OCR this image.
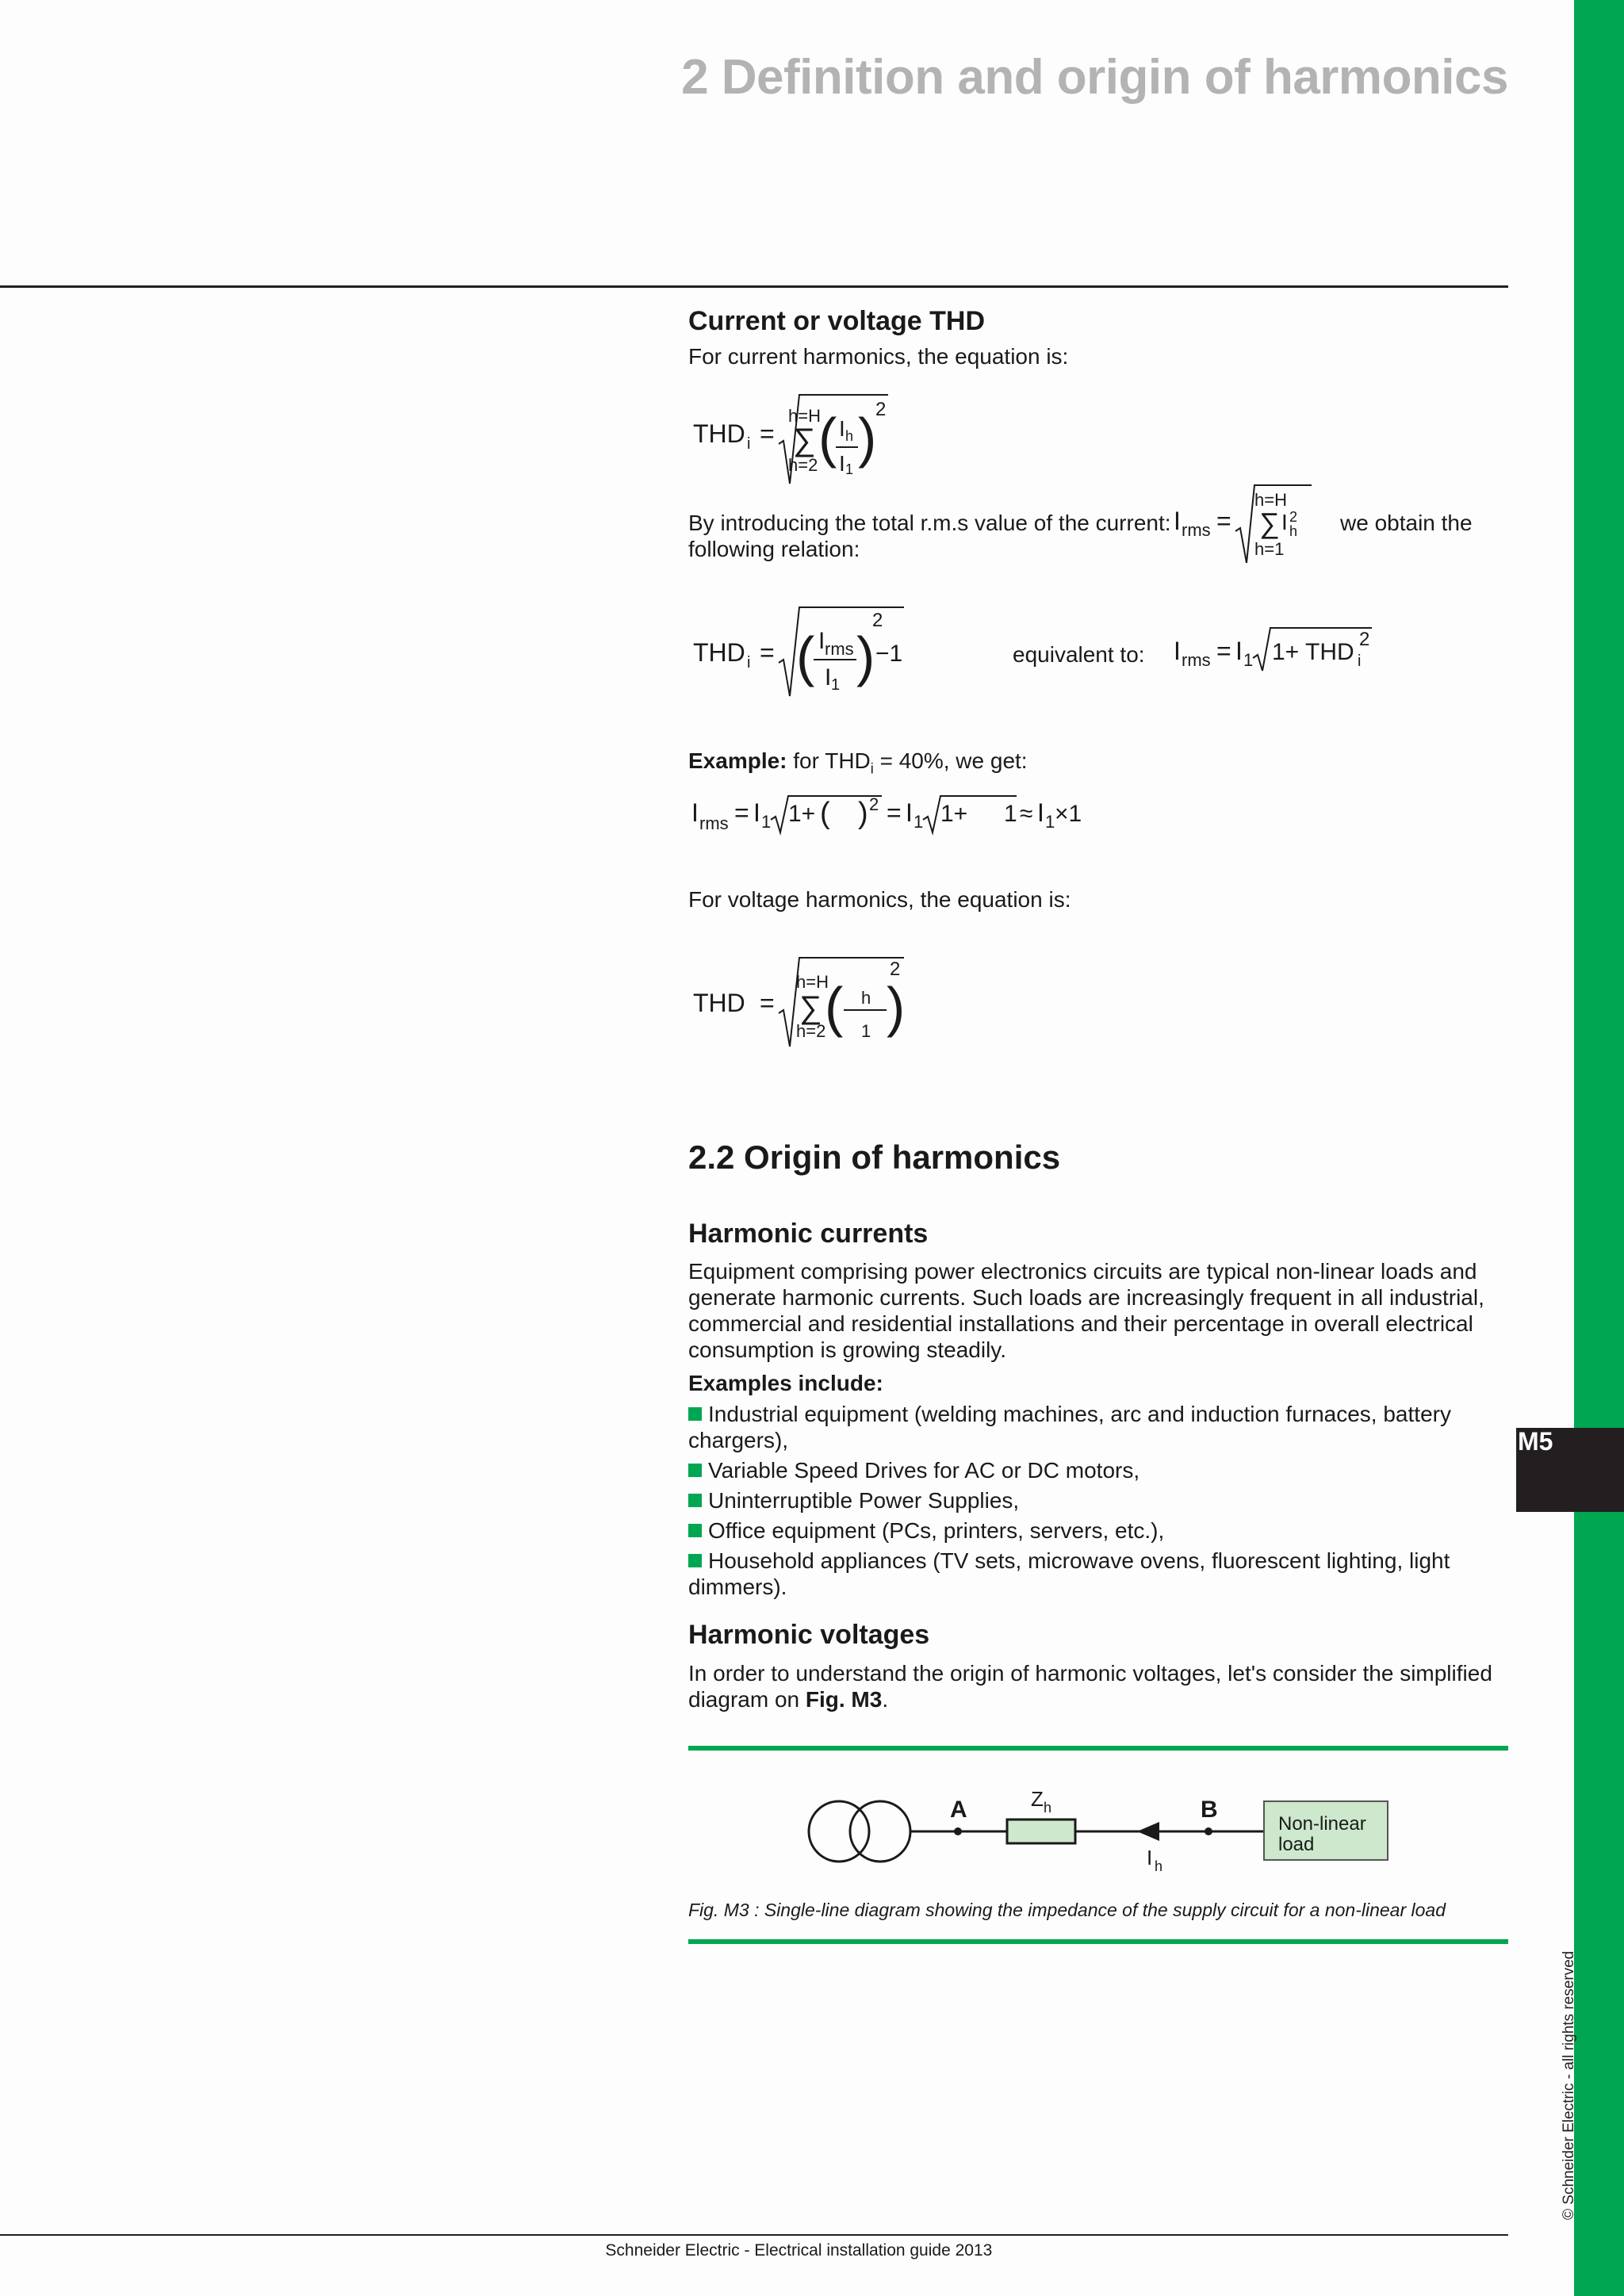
M5
© Schneider Electric - all rights reserved
2 Definition and origin of harmonics
Current or voltage THD
For current harmonics, the equation is:
THD i =
h=H
∑
h=2 ( I h
I 1
)
2
By introducing the total r.m.s value of the current: I rms =
h=H
∑ I 2
h
h=1
we obtain the
following relation:
THD i = ( I rms
I 1 )
2
−1	equivalent to: I rms = I 1 1+ THD i
2
Example: for $THD_i = 40\%$, we get:
I rms = I 1 1+ ( ) 2 = I 1 1+ 1 ≈ I 1 ×1
For voltage harmonics, the equation is:
THD =
h=H
∑
h=2
( h
1 )
2
2.2 Origin of harmonics
Harmonic currents
Equipment comprising power electronics circuits are typical non-linear loads and
generate harmonic currents. Such loads are increasingly frequent in all industrial,
commercial and residential installations and their percentage in overall electrical
consumption is growing steadily.
Examples include:
Industrial equipment (welding machines, arc and induction furnaces, battery
chargers),
Variable Speed Drives for AC or DC motors,
Uninterruptible Power Supplies,
Office equipment (PCs, printers, servers, etc.),
Household appliances (TV sets, microwave ovens, fluorescent lighting, light
dimmers).
Harmonic voltages
In order to understand the origin of harmonic voltages, let's consider the simplified
diagram on Fig. M3.
A	B
Z h
I h
Non-linear
load
Fig. M3 : Single-line diagram showing the impedance of the supply circuit for a non-linear load
Schneider Electric - Electrical installation guide 2013
